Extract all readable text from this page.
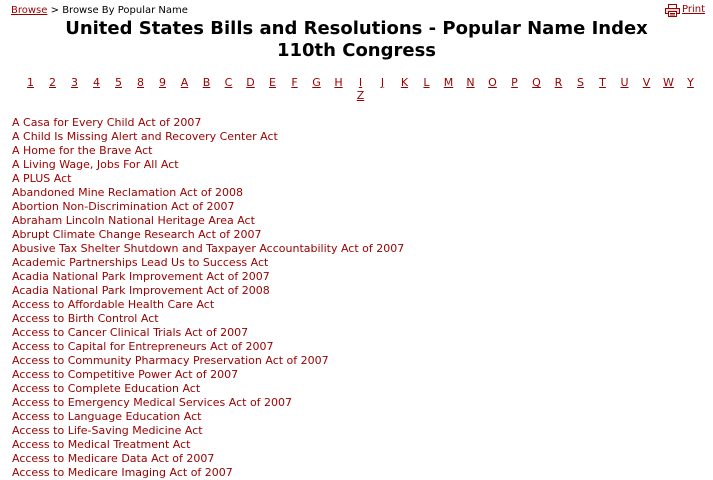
Browse > Browse By Popular Name	Print
United States Bills and Resolutions - Popular Name Index
110th Congress
1 2 3 4 5 8 9 A B C D E F G H	I	J	K L M N O P Q R S T U V W Y
Z
A Casa for Every Child Act of 2007
A Child Is Missing Alert and Recovery Center Act
A Home for the Brave Act
A Living Wage, Jobs For All Act
A PLUS Act
Abandoned Mine Reclamation Act of 2008
Abortion Non-Discrimination Act of 2007
Abraham Lincoln National Heritage Area Act
Abrupt Climate Change Research Act of 2007
Abusive Tax Shelter Shutdown and Taxpayer Accountability Act of 2007
Academic Partnerships Lead Us to Success Act
Acadia National Park Improvement Act of 2007
Acadia National Park Improvement Act of 2008
Access to Affordable Health Care Act
Access to Birth Control Act
Access to Cancer Clinical Trials Act of 2007
Access to Capital for Entrepreneurs Act of 2007
Access to Community Pharmacy Preservation Act of 2007
Access to Competitive Power Act of 2007
Access to Complete Education Act
Access to Emergency Medical Services Act of 2007
Access to Language Education Act
Access to Life-Saving Medicine Act
Access to Medical Treatment Act
Access to Medicare Data Act of 2007
Access to Medicare Imaging Act of 2007
